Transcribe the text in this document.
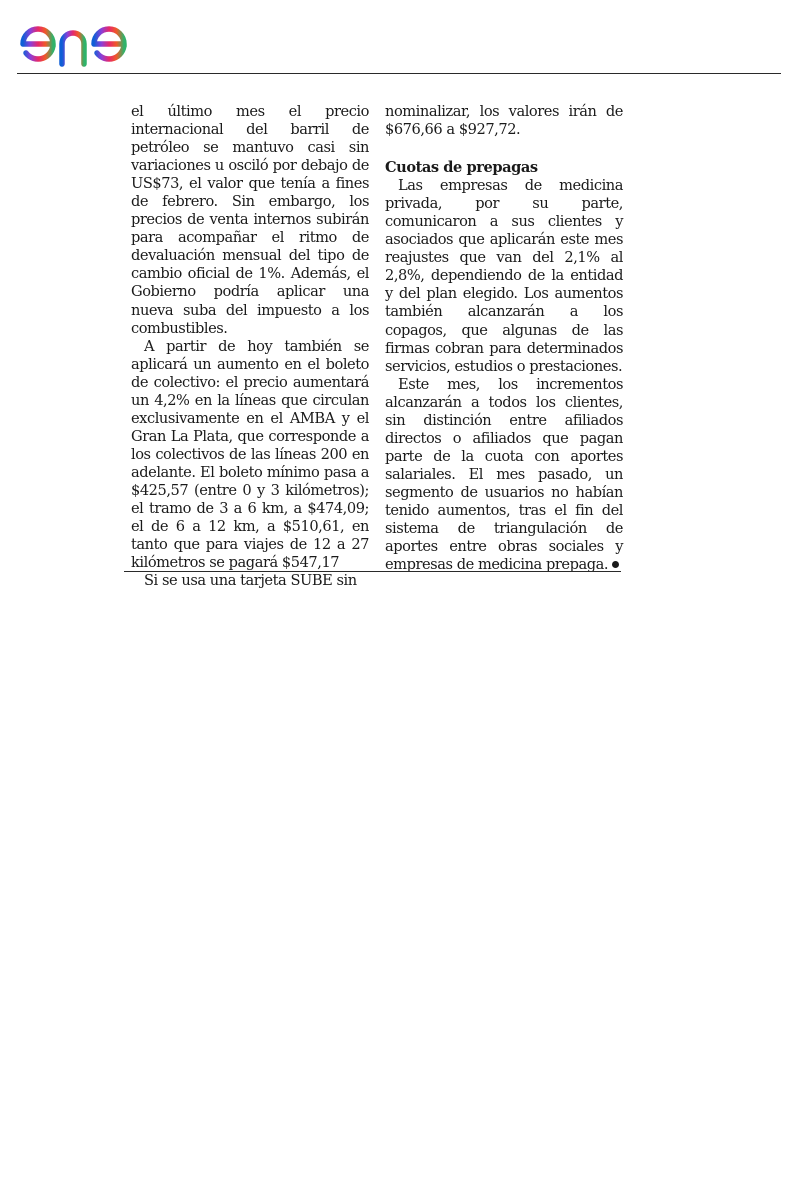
el último mes el precio internacional del barril de petróleo se mantuvo casi sin variaciones u osciló por debajo de US$73, el valor que tenía a fines de febrero. Sin embargo, los precios de venta internos subirán para acompañar el ritmo de devaluación mensual del tipo de cambio oficial de 1%. Además, el Gobierno podría aplicar una nueva suba del impuesto a los combustibles.

A partir de hoy también se aplicará un aumento en el boleto de colectivo: el precio aumentará un 4,2% en la líneas que circulan exclusivamente en el AMBA y el Gran La Plata, que corresponde a los colectivos de las líneas 200 en adelante. El boleto mínimo pasa a $425,57 (entre 0 y 3 kilómetros); el tramo de 3 a 6 km, a $474,09; el de 6 a 12 km, a $510,61, en tanto que para viajes de 12 a 27 kilómetros se pagará $547,17

Si se usa una tarjeta SUBE sin

nominalizar, los valores irán de $676,66 a $927,72.

Cuotas de prepagas

Las empresas de medicina privada, por su parte, comunicaron a sus clientes y asociados que aplicarán este mes reajustes que van del 2,1% al 2,8%, dependiendo de la entidad y del plan elegido. Los aumentos también alcanzarán a los copagos, que algunas de las firmas cobran para determinados servicios, estudios o prestaciones.

Este mes, los incrementos alcanzarán a todos los clientes, sin distinción entre afiliados directos o afiliados que pagan parte de la cuota con aportes salariales. El mes pasado, un segmento de usuarios no habían tenido aumentos, tras el fin del sistema de triangulación de aportes entre obras sociales y empresas de medicina prepaga.
